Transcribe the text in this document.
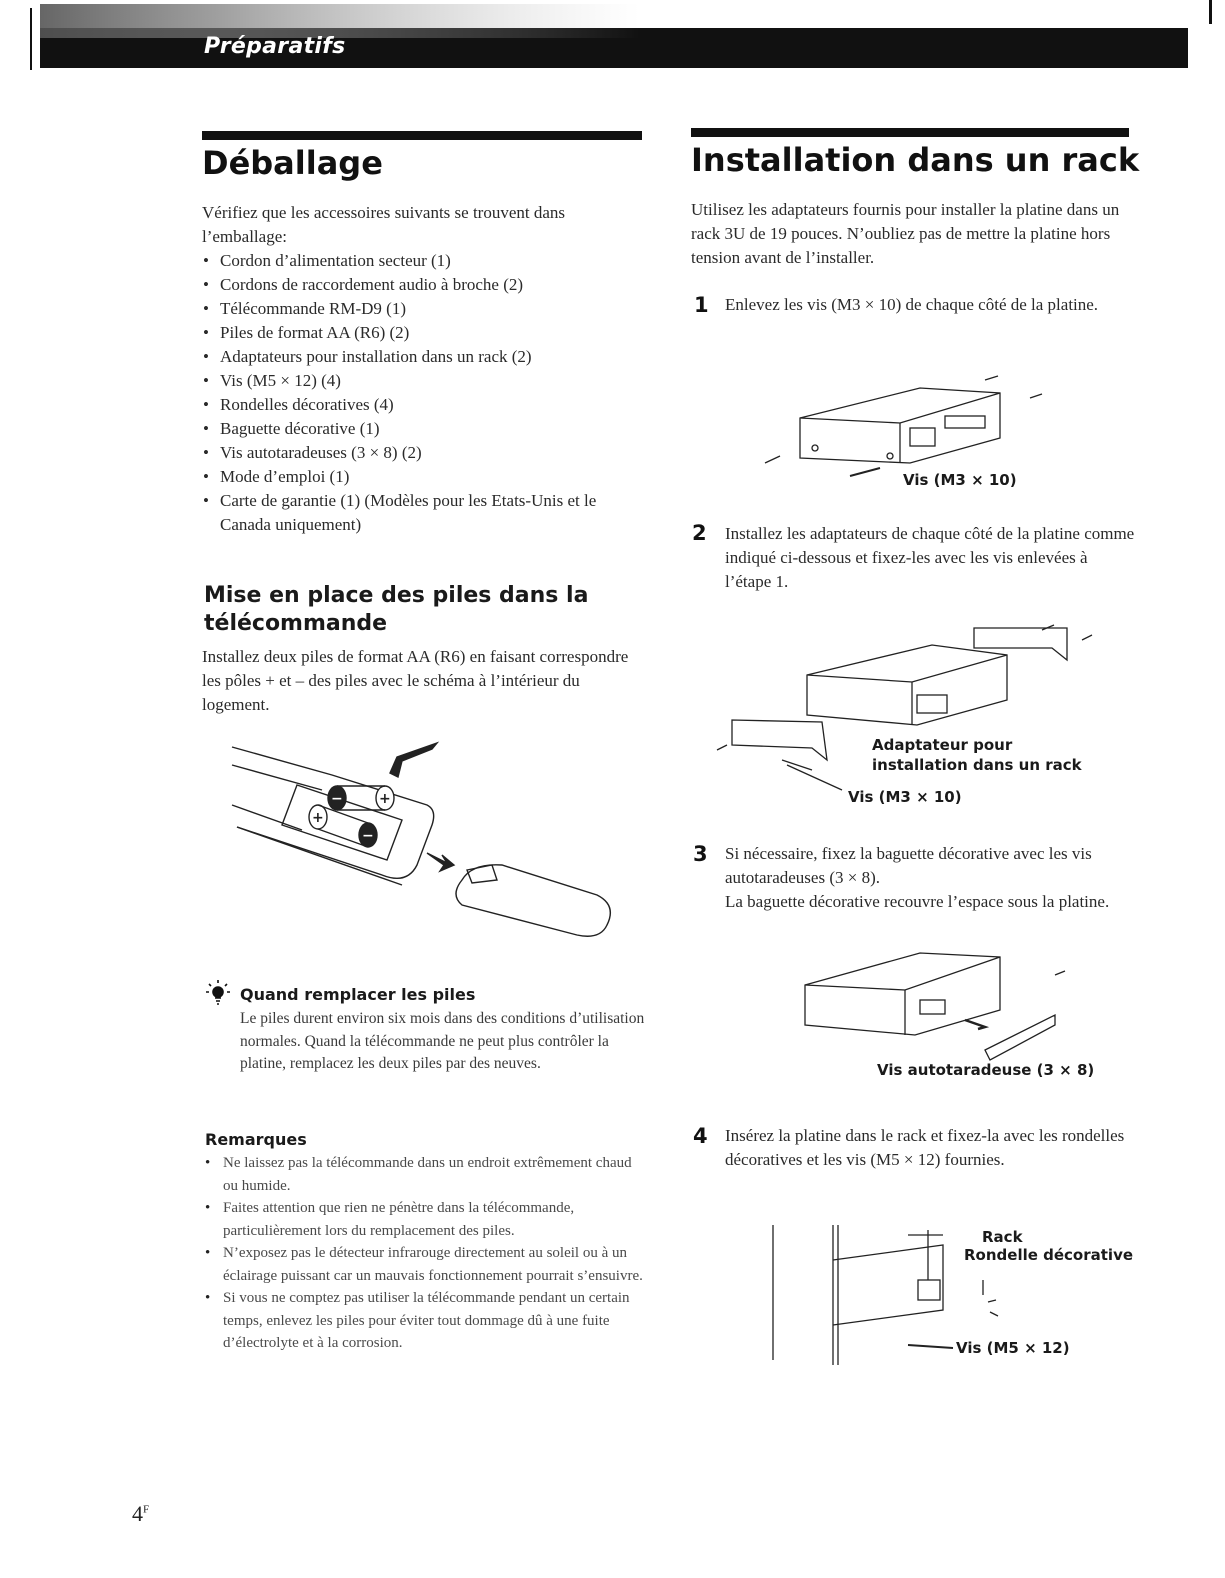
Préparatifs
Déballage
Vérifiez que les accessoires suivants se trouvent dans l’emballage:
• Cordon d’alimentation secteur (1)
• Cordons de raccordement audio à broche (2)
• Télécommande RM-D9 (1)
• Piles de format AA (R6) (2)
• Adaptateurs pour installation dans un rack (2)
• Vis (M5 × 12) (4)
• Rondelles décoratives (4)
• Baguette décorative (1)
• Vis autotaradeuses (3 × 8) (2)
• Mode d’emploi (1)
• Carte de garantie (1) (Modèles pour les Etats-Unis et le Canada uniquement)
Mise en place des piles dans la télécommande
Installez deux piles de format AA (R6) en faisant correspondre les pôles + et – des piles avec le schéma à l’intérieur du logement.
−	+
+
−
Quand remplacer les piles
Le piles durent environ six mois dans des conditions d’utilisation normales. Quand la télécommande ne peut plus contrôler la platine, remplacez les deux piles par des neuves.
Remarques
• Ne laissez pas la télécommande dans un endroit extrêmement chaud ou humide.
• Faites attention que rien ne pénètre dans la télécommande, particulièrement lors du remplacement des piles.
• N’exposez pas le détecteur infrarouge directement au soleil ou à un éclairage puissant car un mauvais fonctionnement pourrait s’ensuivre.
• Si vous ne comptez pas utiliser la télécommande pendant un certain temps, enlevez les piles pour éviter tout dommage dû à une fuite d’électrolyte et à la corrosion.
Installation dans un rack
Utilisez les adaptateurs fournis pour installer la platine dans un rack 3U de 19 pouces. N’oubliez pas de mettre la platine hors tension avant de l’installer.
1 Enlevez les vis (M3 × 10) de chaque côté de la platine.
Vis (M3 × 10)
2 Installez les adaptateurs de chaque côté de la platine comme indiqué ci-dessous et fixez-les avec les vis enlevées à l’étape 1.
Adaptateur pour
installation dans un rack
Vis (M3 × 10)
3 Si nécessaire, fixez la baguette décorative avec les vis autotaradeuses (3 × 8).
La baguette décorative recouvre l’espace sous la platine.
Vis autotaradeuse (3 × 8)
4 Insérez la platine dans le rack et fixez-la avec les rondelles décoratives et les vis (M5 × 12) fournies.
Rack
Rondelle décorative
Vis (M5 × 12)
$4^F$
